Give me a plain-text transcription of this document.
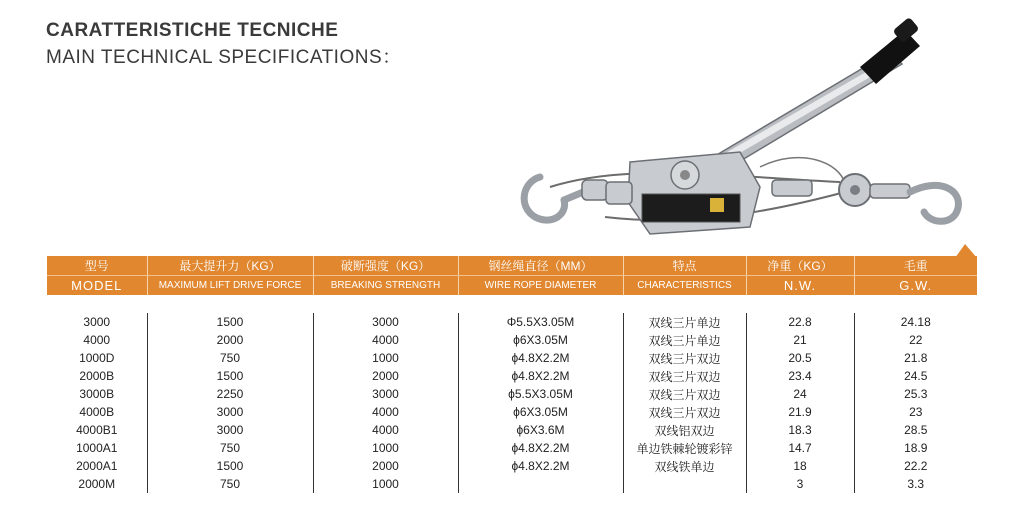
CARATTERISTICHE TECNICHE
MAIN TECHNICAL SPECIFICATIONS：
型号	最大提升力（KG）	破断强度（KG）	钢丝绳直径（MM）	特点	净重（KG）	毛重
MODEL	MAXIMUM LIFT DRIVE FORCE	BREAKING STRENGTH	WIRE ROPE DIAMETER	CHARACTERISTICS	N.W.	G.W.

3000	1500	3000	Φ5.5X3.05M	双线三片单边	22.8	24.18
4000	2000	4000	ϕ6X3.05M	双线三片单边	21	22
1000D	750	1000	ϕ4.8X2.2M	双线三片双边	20.5	21.8
2000B	1500	2000	ϕ4.8X2.2M	双线三片双边	23.4	24.5
3000B	2250	3000	ϕ5.5X3.05M	双线三片双边	24	25.3
4000B	3000	4000	ϕ6X3.05M	双线三片双边	21.9	23
4000B1	3000	4000	ϕ6X3.6M	双线铝双边	18.3	28.5
1000A1	750	1000	ϕ4.8X2.2M	单边铁棘轮镀彩锌	14.7	18.9
2000A1	1500	2000	ϕ4.8X2.2M	双线铁单边	18	22.2
2000M	750	1000			3	3.3
